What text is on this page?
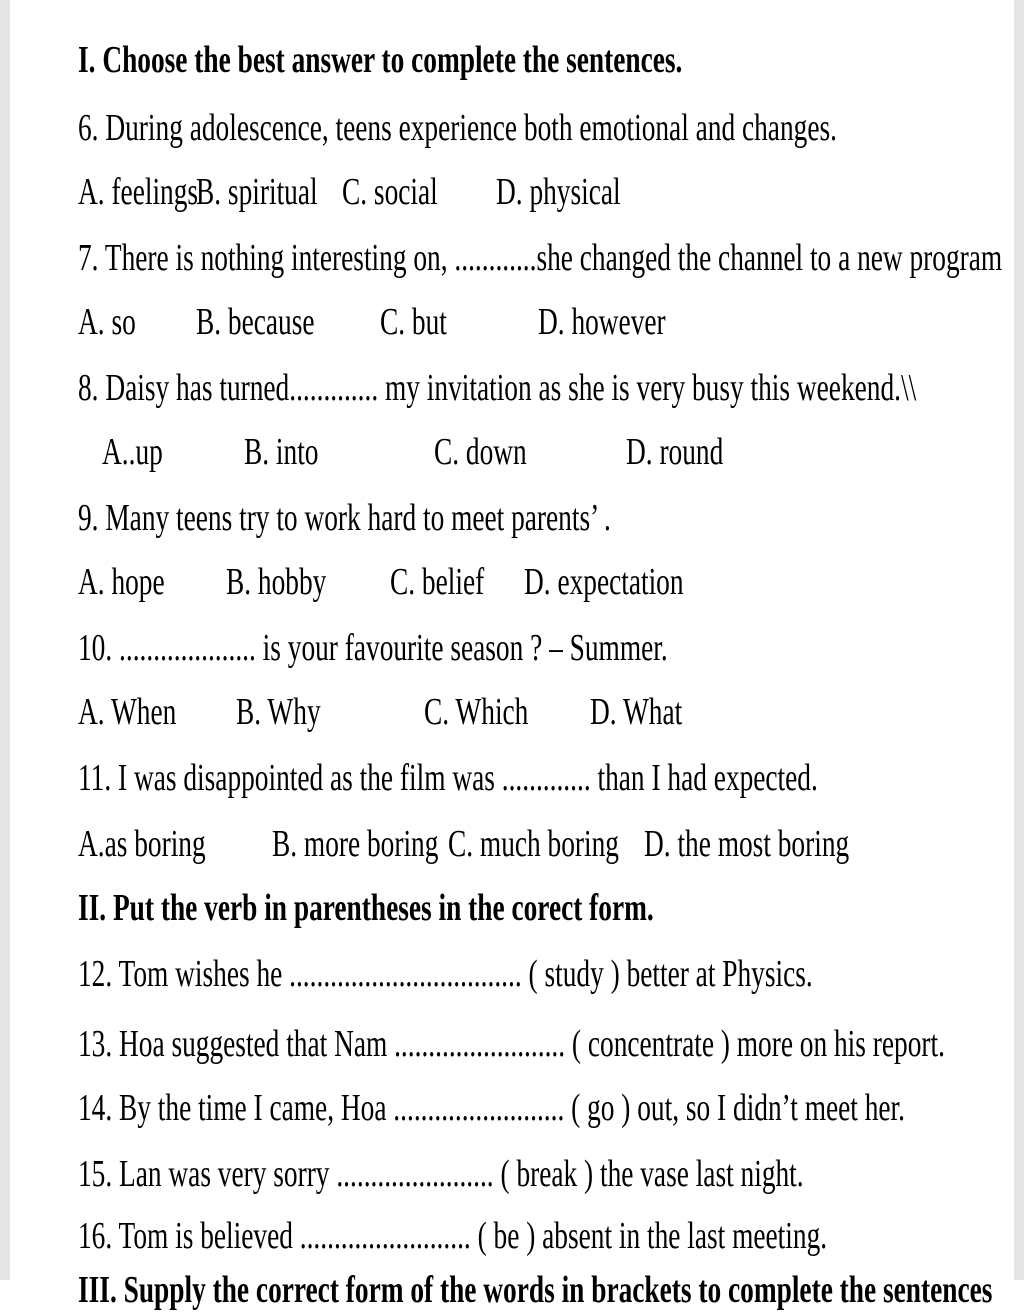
I. Choose the best answer to complete the sentences.
6. During adolescence, teens experience both emotional and changes.
A. feelings
B. spiritual C. social D. physical
7. There is nothing interesting on, ............she changed the channel to a new program
A. so B. because C. but D. however
8. Daisy has turned............. my invitation as she is very busy this weekend.\\
A..up B. into	C. down	D. round
9. Many teens try to work hard to meet parents’ .
A. hope B. hobby C. belief D. expectation
10. .................... is your favourite season ? – Summer.
A. When B. Why	C. Which D. What
11. I was disappointed as the film was ............. than I had expected.
A.as boring B. more boring C. much boring D. the most boring
II. Put the verb in parentheses in the corect form.
12. Tom wishes he .................................. ( study ) better at Physics.
13. Hoa suggested that Nam ......................... ( concentrate ) more on his report.
14. By the time I came, Hoa ......................... ( go ) out, so I didn’t meet her.
15. Lan was very sorry ....................... ( break ) the vase last night.
16. Tom is believed ......................... ( be ) absent in the last meeting.
III. Supply the correct form of the words in brackets to complete the sentences
